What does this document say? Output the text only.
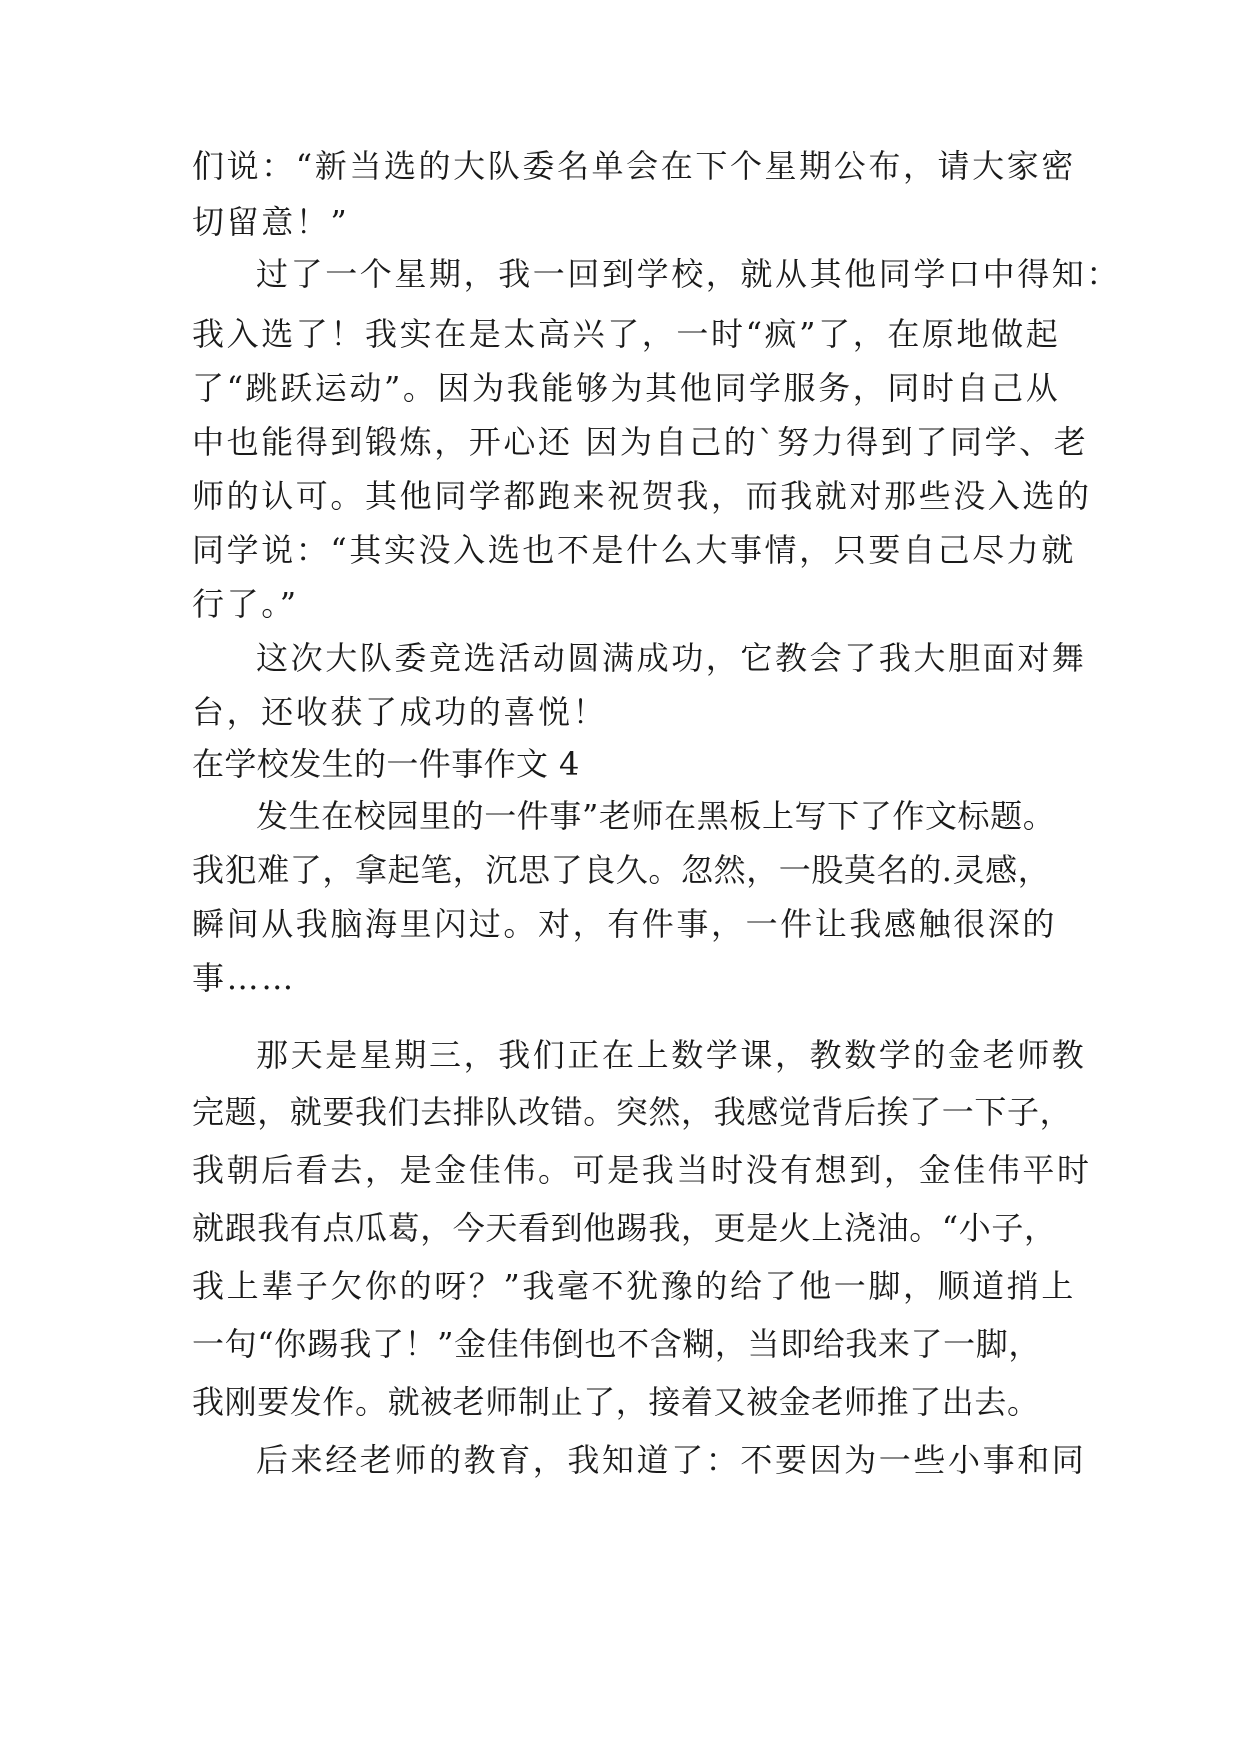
们说：“新当选的大队委名单会在下个星期公布，请大家密
切留意！”
过了一个星期，我一回到学校，就从其他同学口中得知：
我入选了！我实在是太高兴了，一时“疯”了，在原地做起
了“跳跃运动”。因为我能够为其他同学服务，同时自己从
中也能得到锻炼，开心还 因为自己的`努力得到了同学、老
师的认可。其他同学都跑来祝贺我，而我就对那些没入选的
同学说：“其实没入选也不是什么大事情，只要自己尽力就
行了。”
这次大队委竞选活动圆满成功，它教会了我大胆面对舞
台，还收获了成功的喜悦！
在学校发生的一件事作文 4
发生在校园里的一件事”老师在黑板上写下了作文标题。
我犯难了，拿起笔，沉思了良久。忽然，一股莫名的.灵感，
瞬间从我脑海里闪过。对，有件事，一件让我感触很深的
事……
那天是星期三，我们正在上数学课，教数学的金老师教
完题，就要我们去排队改错。突然，我感觉背后挨了一下子，
我朝后看去，是金佳伟。可是我当时没有想到，金佳伟平时
就跟我有点瓜葛，今天看到他踢我，更是火上浇油。“小子，
我上辈子欠你的呀？”我毫不犹豫的给了他一脚，顺道捎上
一句“你踢我了！”金佳伟倒也不含糊，当即给我来了一脚，
我刚要发作。就被老师制止了，接着又被金老师推了出去。
后来经老师的教育，我知道了：不要因为一些小事和同
